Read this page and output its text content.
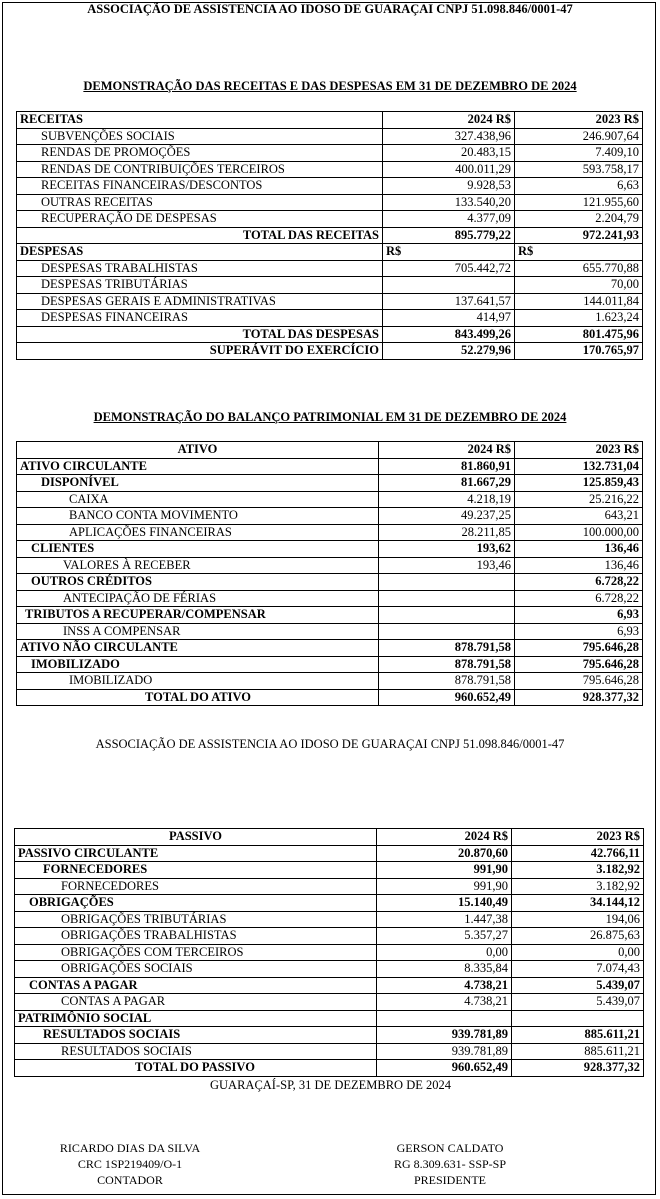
ASSOCIAÇÃO DE ASSISTENCIA AO IDOSO DE GUARAÇAI CNPJ 51.098.846/0001-47
DEMONSTRAÇÃO DAS RECEITAS E DAS DESPESAS EM 31 DE DEZEMBRO DE 2024
RECEITAS	2024 R$	2023 R$
SUBVENÇÕES SOCIAIS	327.438,96	246.907,64
RENDAS DE PROMOÇÕES	20.483,15	7.409,10
RENDAS DE CONTRIBUIÇÕES TERCEIROS	400.011,29	593.758,17
RECEITAS FINANCEIRAS/DESCONTOS	9.928,53	6,63
OUTRAS RECEITAS	133.540,20	121.955,60
RECUPERAÇÃO DE DESPESAS	4.377,09	2.204,79
TOTAL DAS RECEITAS	895.779,22	972.241,93
DESPESAS	R$	R$
DESPESAS TRABALHISTAS	705.442,72	655.770,88
DESPESAS TRIBUTÁRIAS		70,00
DESPESAS GERAIS E ADMINISTRATIVAS	137.641,57	144.011,84
DESPESAS FINANCEIRAS	414,97	1.623,24
TOTAL DAS DESPESAS	843.499,26	801.475,96
SUPERÁVIT DO EXERCÍCIO	52.279,96	170.765,97
DEMONSTRAÇÃO DO BALANÇO PATRIMONIAL EM 31 DE DEZEMBRO DE 2024
ATIVO	2024 R$	2023 R$
ATIVO CIRCULANTE	81.860,91	132.731,04
DISPONÍVEL	81.667,29	125.859,43
CAIXA	4.218,19	25.216,22
BANCO CONTA MOVIMENTO	49.237,25	643,21
APLICAÇÕES FINANCEIRAS	28.211,85	100.000,00
CLIENTES	193,62	136,46
VALORES À RECEBER	193,46	136,46
OUTROS CRÉDITOS		6.728,22
ANTECIPAÇÃO DE FÉRIAS		6.728,22
TRIBUTOS A RECUPERAR/COMPENSAR		6,93
INSS A COMPENSAR		6,93
ATIVO NÃO CIRCULANTE	878.791,58	795.646,28
IMOBILIZADO	878.791,58	795.646,28
IMOBILIZADO	878.791,58	795.646,28
TOTAL DO ATIVO	960.652,49	928.377,32
ASSOCIAÇÃO DE ASSISTENCIA AO IDOSO DE GUARAÇAI CNPJ 51.098.846/0001-47
PASSIVO	2024 R$	2023 R$
PASSIVO CIRCULANTE	20.870,60	42.766,11
FORNECEDORES	991,90	3.182,92
FORNECEDORES	991,90	3.182,92
OBRIGAÇÕES	15.140,49	34.144,12
OBRIGAÇÕES TRIBUTÁRIAS	1.447,38	194,06
OBRIGAÇÕES TRABALHISTAS	5.357,27	26.875,63
OBRIGAÇÕES COM TERCEIROS	0,00	0,00
OBRIGAÇÕES SOCIAIS	8.335,84	7.074,43
CONTAS A PAGAR	4.738,21	5.439,07
CONTAS A PAGAR	4.738,21	5.439,07
PATRIMÔNIO SOCIAL		
RESULTADOS SOCIAIS	939.781,89	885.611,21
RESULTADOS SOCIAIS	939.781,89	885.611,21
TOTAL DO PASSIVO	960.652,49	928.377,32
GUARAÇAÍ-SP, 31 DE DEZEMBRO DE 2024
RICARDO DIAS DA SILVA
CRC 1SP219409/O-1
CONTADOR
GERSON CALDATO
RG 8.309.631- SSP-SP
PRESIDENTE
